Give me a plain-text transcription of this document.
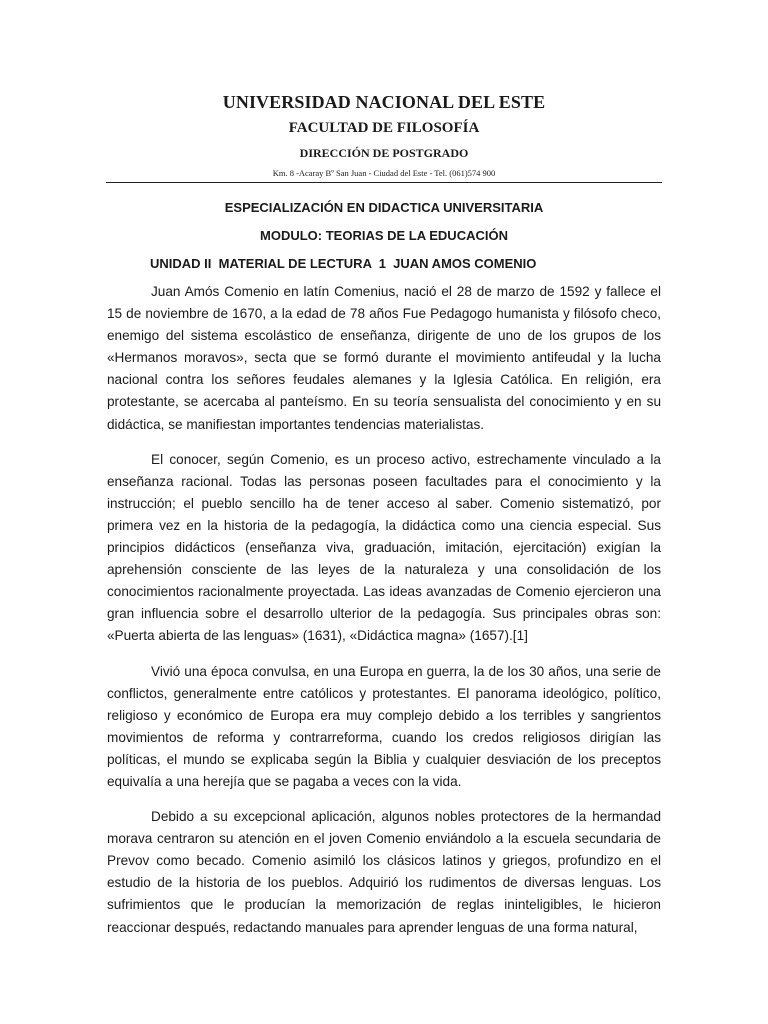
UNIVERSIDAD NACIONAL DEL ESTE
FACULTAD DE FILOSOFÍA
DIRECCIÓN DE POSTGRADO
Km. 8 -Acaray Bº San Juan - Ciudad del Este - Tel. (061)574 900
ESPECIALIZACIÓN EN DIDACTICA UNIVERSITARIA
MODULO: TEORIAS DE LA EDUCACIÓN
UNIDAD II  MATERIAL DE LECTURA  1  JUAN AMOS COMENIO

Juan Amós Comenio en latín Comenius, nació el 28 de marzo de 1592 y fallece el 15 de noviembre de 1670, a la edad de 78 años Fue Pedagogo humanista y filósofo checo, enemigo del sistema escolástico de enseñanza, dirigente de uno de los grupos de los «Hermanos moravos», secta que se formó durante el movimiento antifeudal y la lucha nacional contra los señores feudales alemanes y la Iglesia Católica. En religión, era protestante, se acercaba al panteísmo. En su teoría sensualista del conocimiento y en su didáctica, se manifiestan importantes tendencias materialistas.

El conocer, según Comenio, es un proceso activo, estrechamente vinculado a la enseñanza racional. Todas las personas poseen facultades para el conocimiento y la instrucción; el pueblo sencillo ha de tener acceso al saber. Comenio sistematizó, por primera vez en la historia de la pedagogía, la didáctica como una ciencia especial. Sus principios didácticos (enseñanza viva, graduación, imitación, ejercitación) exigían la aprehensión consciente de las leyes de la naturaleza y una consolidación de los conocimientos racionalmente proyectada. Las ideas avanzadas de Comenio ejercieron una gran influencia sobre el desarrollo ulterior de la pedagogía. Sus principales obras son: «Puerta abierta de las lenguas» (1631), «Didáctica magna» (1657).[1]

Vivió una época convulsa, en una Europa en guerra, la de los 30 años, una serie de conflictos, generalmente entre católicos y protestantes. El panorama ideológico, político, religioso y económico de Europa era muy complejo debido a los terribles y sangrientos movimientos de reforma y contrarreforma, cuando los credos religiosos dirigían las políticas, el mundo se explicaba según la Biblia y cualquier desviación de los preceptos equivalía a una herejía que se pagaba a veces con la vida.

Debido a su excepcional aplicación, algunos nobles protectores de la hermandad morava centraron su atención en el joven Comenio enviándolo a la escuela secundaria de Prevov como becado. Comenio asimiló los clásicos latinos y griegos, profundizo en el estudio de la historia de los pueblos. Adquirió los rudimentos de diversas lenguas. Los sufrimientos que le producían la memorización de reglas ininteligibles, le hicieron reaccionar después, redactando manuales para aprender lenguas de una forma natural,
